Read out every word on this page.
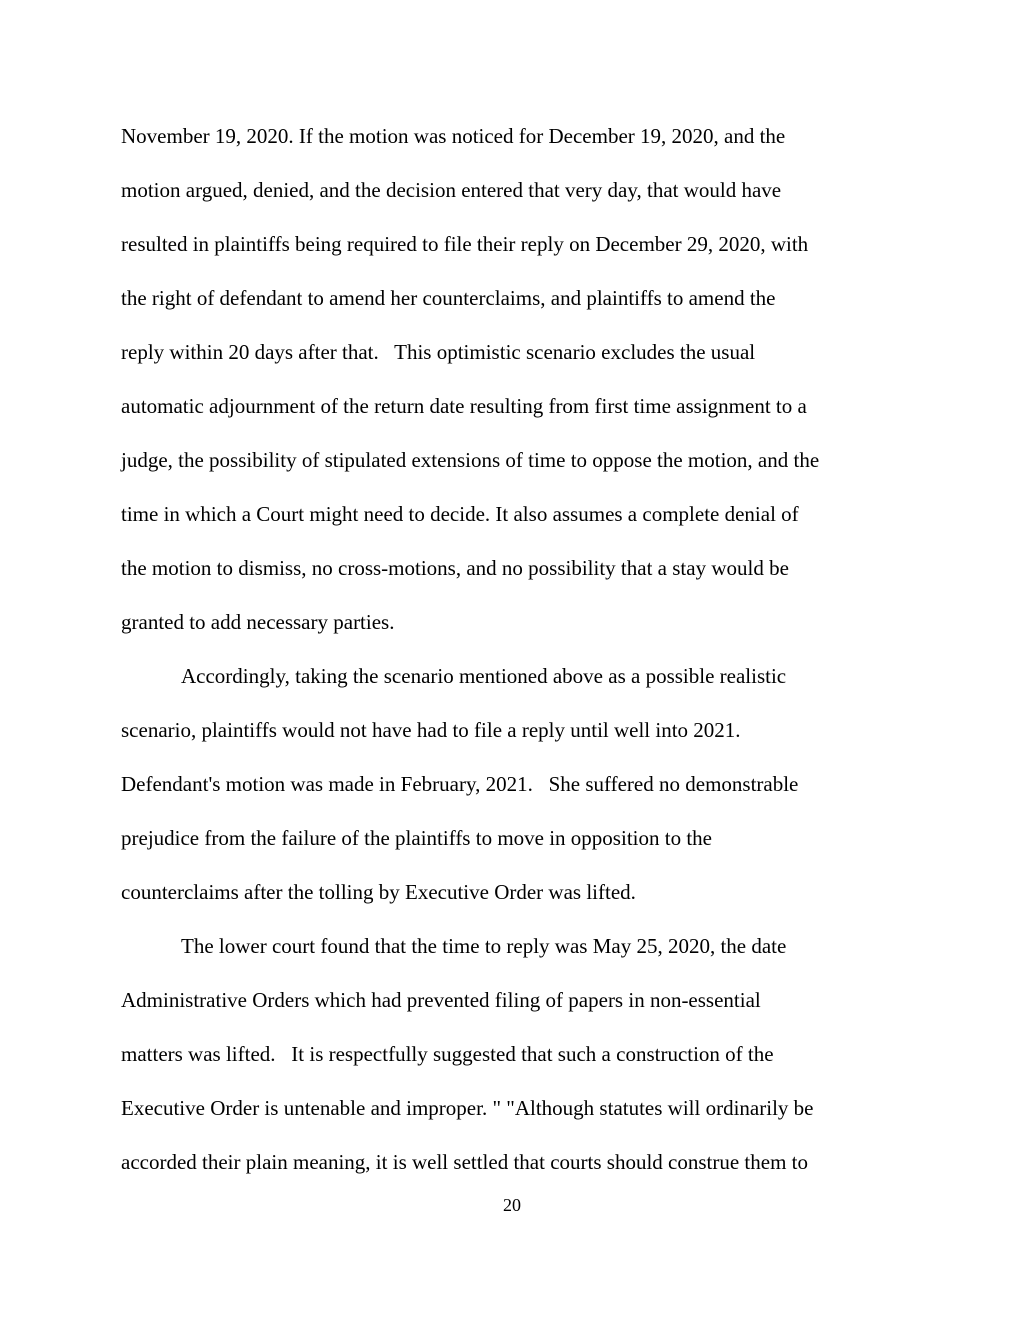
November 19, 2020. If the motion was noticed for December 19, 2020, and the

motion argued, denied, and the decision entered that very day, that would have

resulted in plaintiffs being required to file their reply on December 29, 2020, with

the right of defendant to amend her counterclaims, and plaintiffs to amend the

reply within 20 days after that.   This optimistic scenario excludes the usual

automatic adjournment of the return date resulting from first time assignment to a

judge, the possibility of stipulated extensions of time to oppose the motion, and the

time in which a Court might need to decide. It also assumes a complete denial of

the motion to dismiss, no cross-motions, and no possibility that a stay would be

granted to add necessary parties.

Accordingly, taking the scenario mentioned above as a possible realistic

scenario, plaintiffs would not have had to file a reply until well into 2021.

Defendant's motion was made in February, 2021.   She suffered no demonstrable

prejudice from the failure of the plaintiffs to move in opposition to the

counterclaims after the tolling by Executive Order was lifted.

The lower court found that the time to reply was May 25, 2020, the date

Administrative Orders which had prevented filing of papers in non-essential

matters was lifted.   It is respectfully suggested that such a construction of the

Executive Order is untenable and improper. " "Although statutes will ordinarily be

accorded their plain meaning, it is well settled that courts should construe them to

20
